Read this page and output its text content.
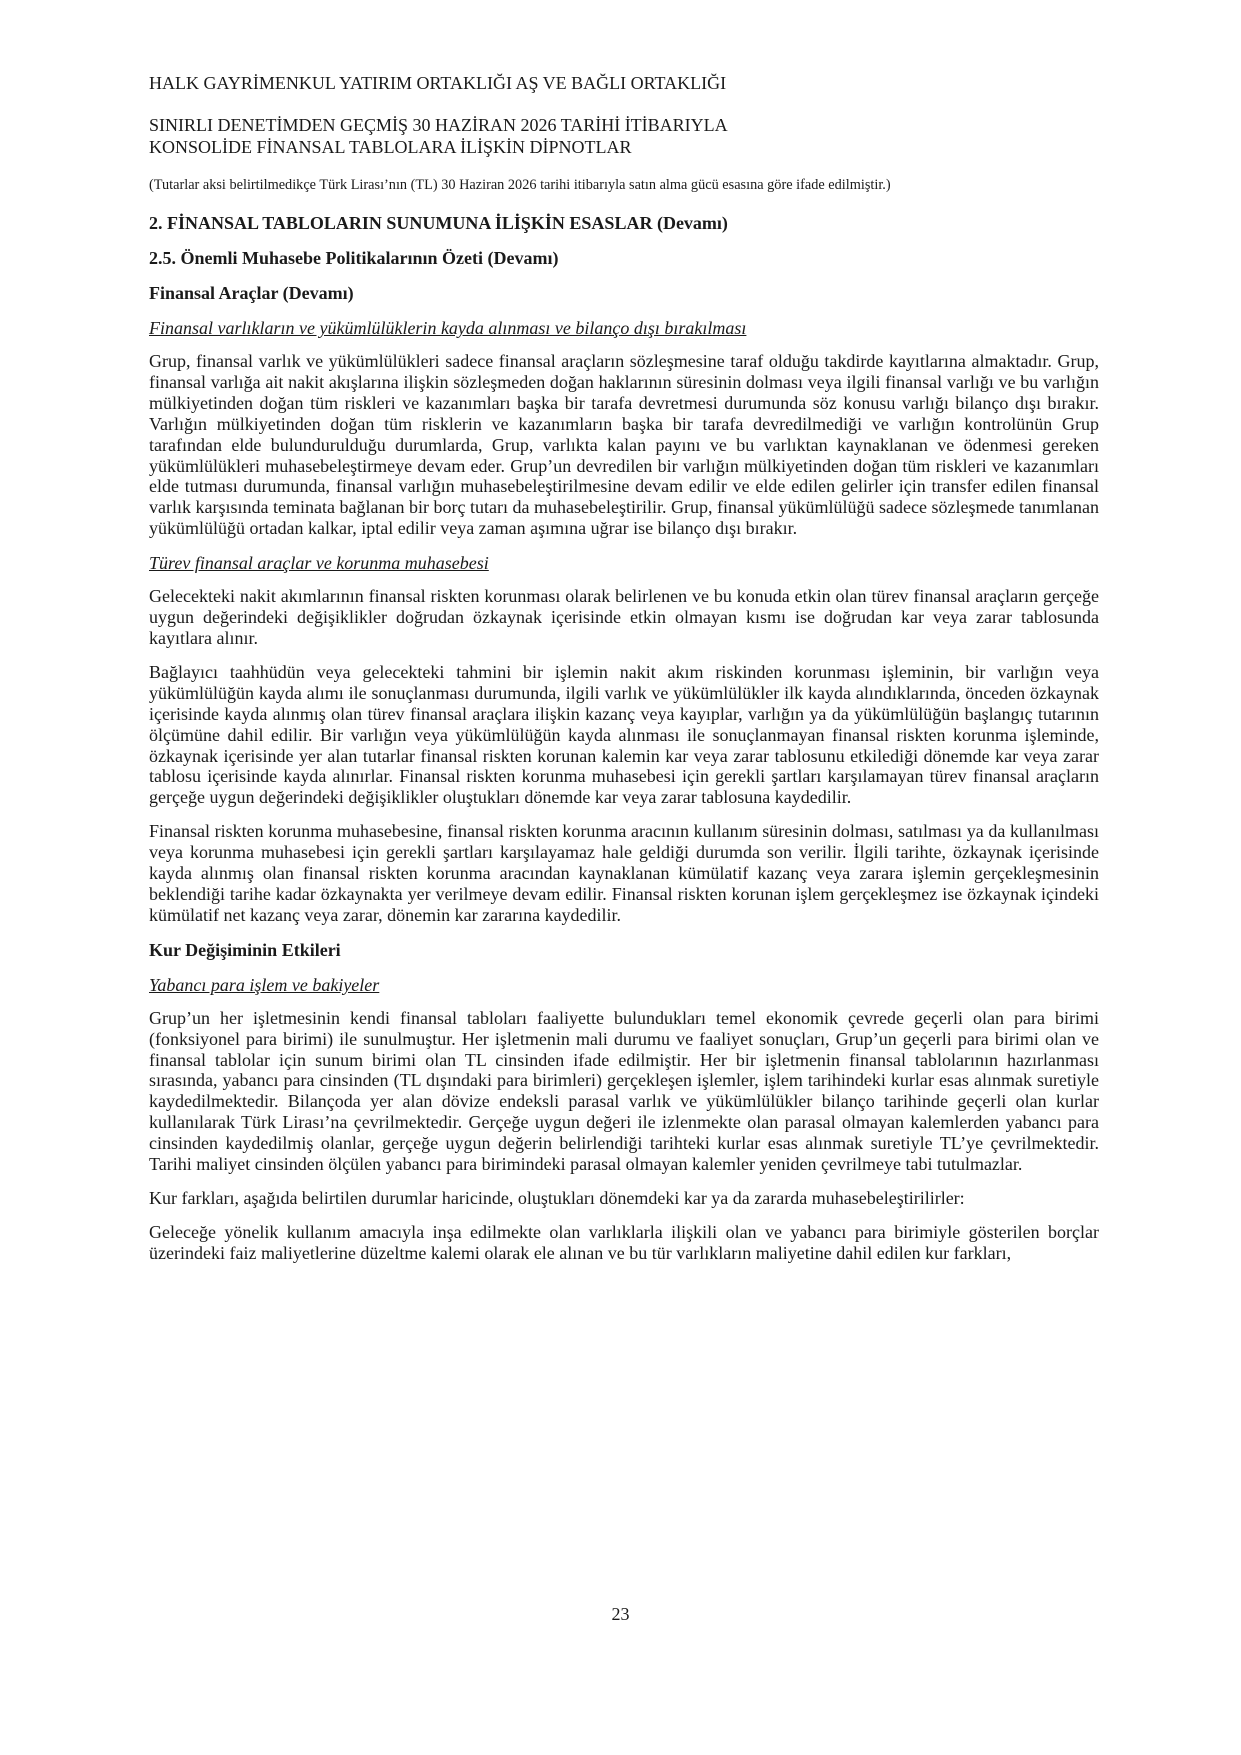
HALK GAYRİMENKUL YATIRIM ORTAKLIĞI AŞ VE BAĞLI ORTAKLIĞI

SINIRLI DENETİMDEN GEÇMİŞ 30 HAZİRAN 2026 TARİHİ İTİBARIYLA

KONSOLİDE FİNANSAL TABLOLARA İLİŞKİN DİPNOTLAR

(Tutarlar aksi belirtilmedikçe Türk Lirası’nın (TL) 30 Haziran 2026 tarihi itibarıyla satın alma gücü esasına göre ifade edilmiştir.)

2. FİNANSAL TABLOLARIN SUNUMUNA İLİŞKİN ESASLAR (Devamı)

2.5. Önemli Muhasebe Politikalarının Özeti (Devamı)

Finansal Araçlar (Devamı)

Finansal varlıkların ve yükümlülüklerin kayda alınması ve bilanço dışı bırakılması

Grup, finansal varlık ve yükümlülükleri sadece finansal araçların sözleşmesine taraf olduğu takdirde kayıtlarına almaktadır. Grup, finansal varlığa ait nakit akışlarına ilişkin sözleşmeden doğan haklarının süresinin dolması veya ilgili finansal varlığı ve bu varlığın mülkiyetinden doğan tüm riskleri ve kazanımları başka bir tarafa devretmesi durumunda söz konusu varlığı bilanço dışı bırakır. Varlığın mülkiyetinden doğan tüm risklerin ve kazanımların başka bir tarafa devredilmediği ve varlığın kontrolünün Grup tarafından elde bulundurulduğu durumlarda, Grup, varlıkta kalan payını ve bu varlıktan kaynaklanan ve ödenmesi gereken yükümlülükleri muhasebeleştirmeye devam eder. Grup’un devredilen bir varlığın mülkiyetinden doğan tüm riskleri ve kazanımları elde tutması durumunda, finansal varlığın muhasebeleştirilmesine devam edilir ve elde edilen gelirler için transfer edilen finansal varlık karşısında teminata bağlanan bir borç tutarı da muhasebeleştirilir. Grup, finansal yükümlülüğü sadece sözleşmede tanımlanan yükümlülüğü ortadan kalkar, iptal edilir veya zaman aşımına uğrar ise bilanço dışı bırakır.

Türev finansal araçlar ve korunma muhasebesi

Gelecekteki nakit akımlarının finansal riskten korunması olarak belirlenen ve bu konuda etkin olan türev finansal araçların gerçeğe uygun değerindeki değişiklikler doğrudan özkaynak içerisinde etkin olmayan kısmı ise doğrudan kar veya zarar tablosunda kayıtlara alınır.

Bağlayıcı taahhüdün veya gelecekteki tahmini bir işlemin nakit akım riskinden korunması işleminin, bir varlığın veya yükümlülüğün kayda alımı ile sonuçlanması durumunda, ilgili varlık ve yükümlülükler ilk kayda alındıklarında, önceden özkaynak içerisinde kayda alınmış olan türev finansal araçlara ilişkin kazanç veya kayıplar, varlığın ya da yükümlülüğün başlangıç tutarının ölçümüne dahil edilir. Bir varlığın veya yükümlülüğün kayda alınması ile sonuçlanmayan finansal riskten korunma işleminde, özkaynak içerisinde yer alan tutarlar finansal riskten korunan kalemin kar veya zarar tablosunu etkilediği dönemde kar veya zarar tablosu içerisinde kayda alınırlar. Finansal riskten korunma muhasebesi için gerekli şartları karşılamayan türev finansal araçların gerçeğe uygun değerindeki değişiklikler oluştukları dönemde kar veya zarar tablosuna kaydedilir.

Finansal riskten korunma muhasebesine, finansal riskten korunma aracının kullanım süresinin dolması, satılması ya da kullanılması veya korunma muhasebesi için gerekli şartları karşılayamaz hale geldiği durumda son verilir. İlgili tarihte, özkaynak içerisinde kayda alınmış olan finansal riskten korunma aracından kaynaklanan kümülatif kazanç veya zarara işlemin gerçekleşmesinin beklendiği tarihe kadar özkaynakta yer verilmeye devam edilir. Finansal riskten korunan işlem gerçekleşmez ise özkaynak içindeki kümülatif net kazanç veya zarar, dönemin kar zararına kaydedilir.

Kur Değişiminin Etkileri

Yabancı para işlem ve bakiyeler

Grup’un her işletmesinin kendi finansal tabloları faaliyette bulundukları temel ekonomik çevrede geçerli olan para birimi (fonksiyonel para birimi) ile sunulmuştur. Her işletmenin mali durumu ve faaliyet sonuçları, Grup’un geçerli para birimi olan ve finansal tablolar için sunum birimi olan TL cinsinden ifade edilmiştir. Her bir işletmenin finansal tablolarının hazırlanması sırasında, yabancı para cinsinden (TL dışındaki para birimleri) gerçekleşen işlemler, işlem tarihindeki kurlar esas alınmak suretiyle kaydedilmektedir. Bilançoda yer alan dövize endeksli parasal varlık ve yükümlülükler bilanço tarihinde geçerli olan kurlar kullanılarak Türk Lirası’na çevrilmektedir. Gerçeğe uygun değeri ile izlenmekte olan parasal olmayan kalemlerden yabancı para cinsinden kaydedilmiş olanlar, gerçeğe uygun değerin belirlendiği tarihteki kurlar esas alınmak suretiyle TL’ye çevrilmektedir. Tarihi maliyet cinsinden ölçülen yabancı para birimindeki parasal olmayan kalemler yeniden çevrilmeye tabi tutulmazlar.

Kur farkları, aşağıda belirtilen durumlar haricinde, oluştukları dönemdeki kar ya da zararda muhasebeleştirilirler:

Geleceğe yönelik kullanım amacıyla inşa edilmekte olan varlıklarla ilişkili olan ve yabancı para birimiyle gösterilen borçlar üzerindeki faiz maliyetlerine düzeltme kalemi olarak ele alınan ve bu tür varlıkların maliyetine dahil edilen kur farkları,

23
